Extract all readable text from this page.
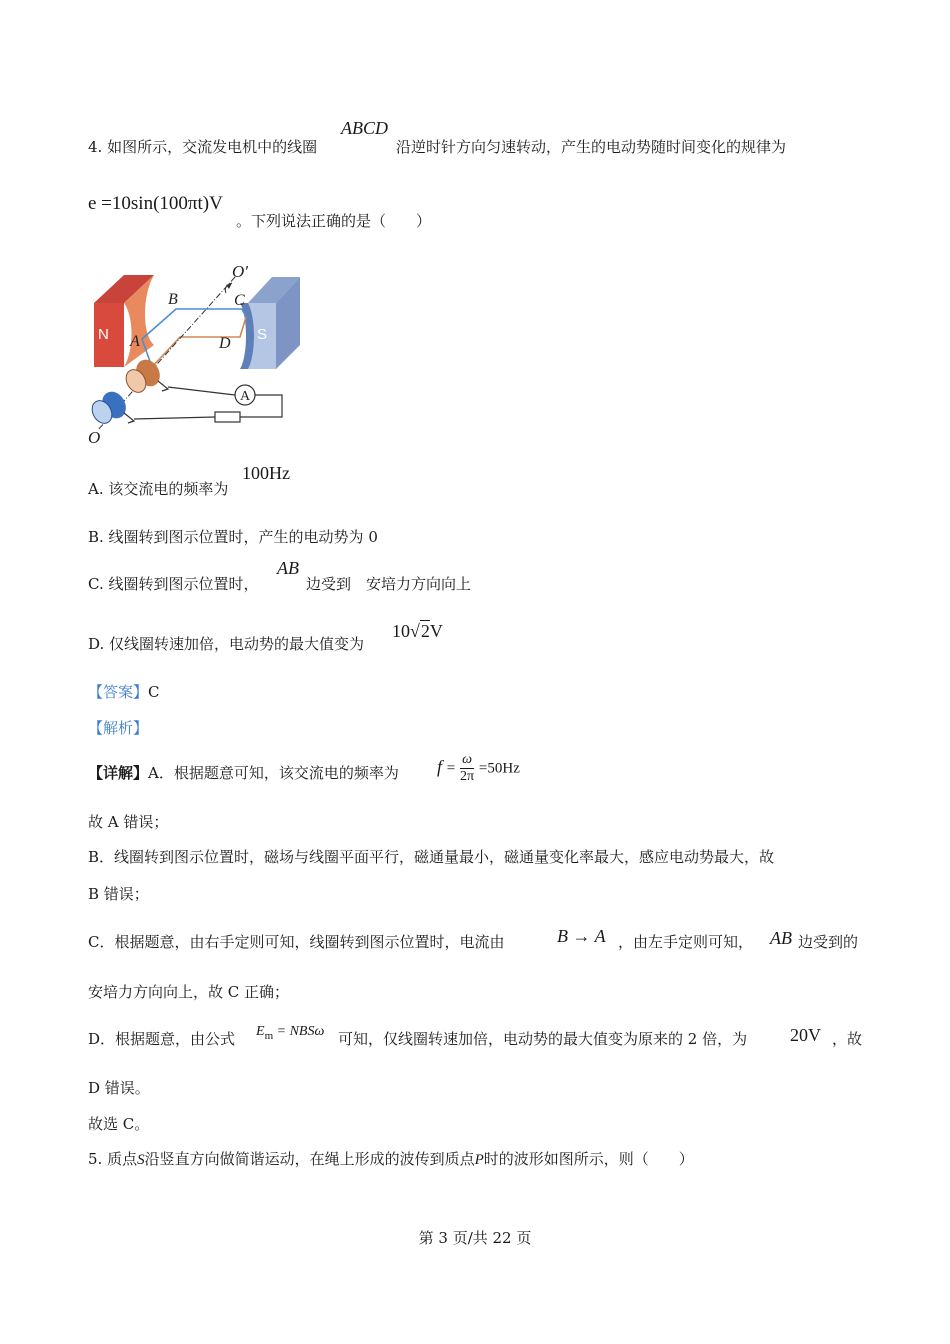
4. 如图所示，交流发电机中的线圈
ABCD
沿逆时针方向匀速转动，产生的电动势随时间变化的规律为
e =10sin(100πt)V
。下列说法正确的是（　　）
O′
B	C
N	S
A	D
A
O
A. 该交流电的频率为
100Hz
B. 线圈转到图示位置时，产生的电动势为 0
C. 线圈转到图示位置时，
AB
边受到　安培力方向向上
D. 仅线圈转速加倍，电动势的最大值变为
10√2V
【答案】C
【解析】
【详解】A．根据题意可知，该交流电的频率为 $f = \frac{\omega}{2\pi} =50Hz$
故 A 错误；
B．线圈转到图示位置时，磁场与线圈平面平行，磁通量最小，磁通量变化率最大，感应电动势最大，故
B 错误；
C．根据题意，由右手定则可知，线圈转到图示位置时，电流由	B → A ，由左手定则可知， AB 边受到的
安培力方向向上，故 C 正确；
D．根据题意，由公式 $E_m = NBS\omega$ 可知，仅线圈转速加倍，电动势的最大值变为原来的 2 倍，为 20V ，故
D 错误。
故选 C。
5. 质点S沿竖直方向做简谐运动，在绳上形成的波传到质点P时的波形如图所示，则（　　）
第 3 页/共 22 页
